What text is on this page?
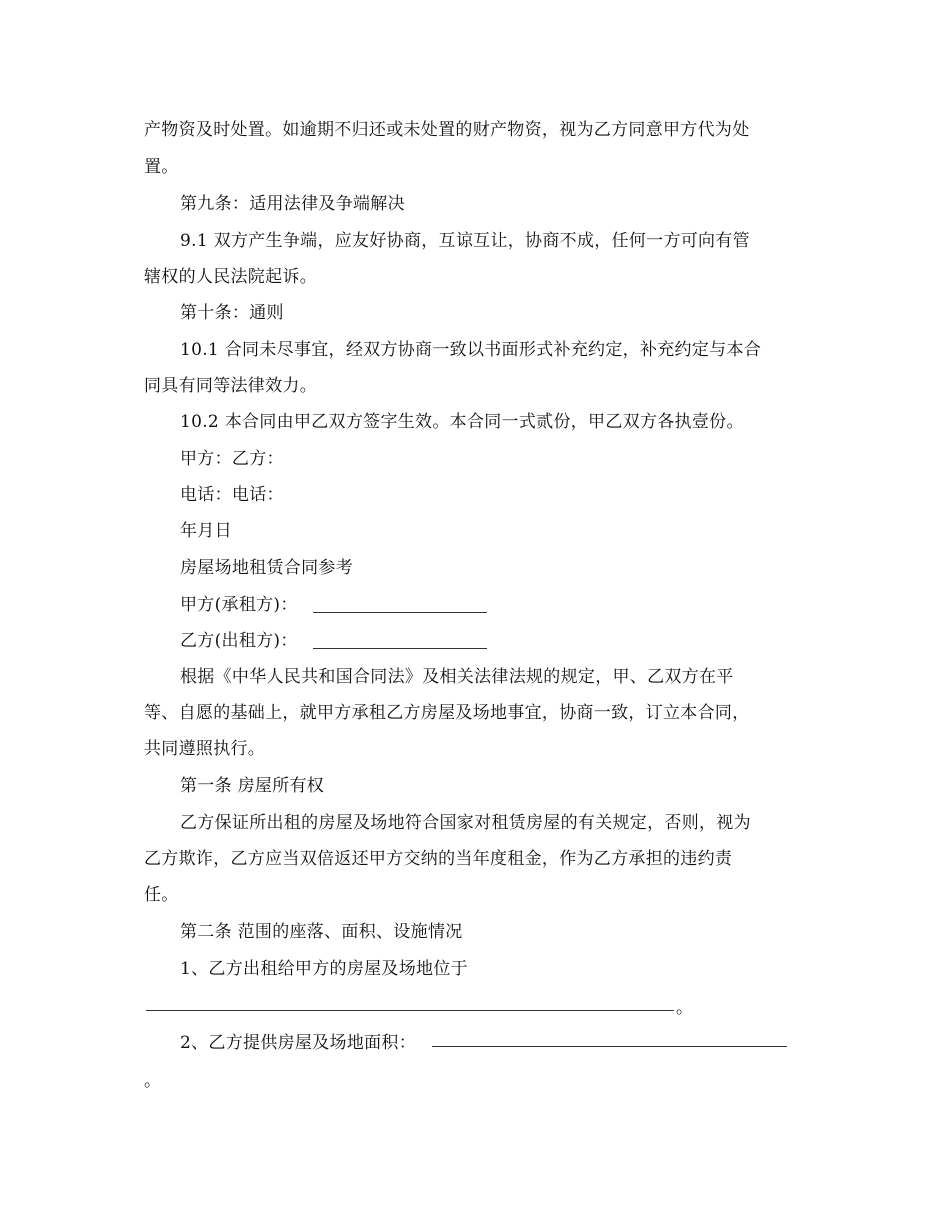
产物资及时处置。如逾期不归还或未处置的财产物资，视为乙方同意甲方代为处
置。
第九条：适用法律及争端解决
9.1 双方产生争端，应友好协商，互谅互让，协商不成，任何一方可向有管
辖权的人民法院起诉。
第十条：通则
10.1 合同未尽事宜，经双方协商一致以书面形式补充约定，补充约定与本合
同具有同等法律效力。
10.2 本合同由甲乙双方签字生效。本合同一式贰份，甲乙双方各执壹份。
甲方：乙方：
电话：电话：
年月日
房屋场地租赁合同参考
甲方(承租方)：
乙方(出租方)：
根据《中华人民共和国合同法》及相关法律法规的规定，甲、乙双方在平
等、自愿的基础上，就甲方承租乙方房屋及场地事宜，协商一致，订立本合同，
共同遵照执行。
第一条 房屋所有权
乙方保证所出租的房屋及场地符合国家对租赁房屋的有关规定，否则，视为
乙方欺诈，乙方应当双倍返还甲方交纳的当年度租金，作为乙方承担的违约责
任。
第二条 范围的座落、面积、设施情况
1、乙方出租给甲方的房屋及场地位于
。
2、乙方提供房屋及场地面积：
。
